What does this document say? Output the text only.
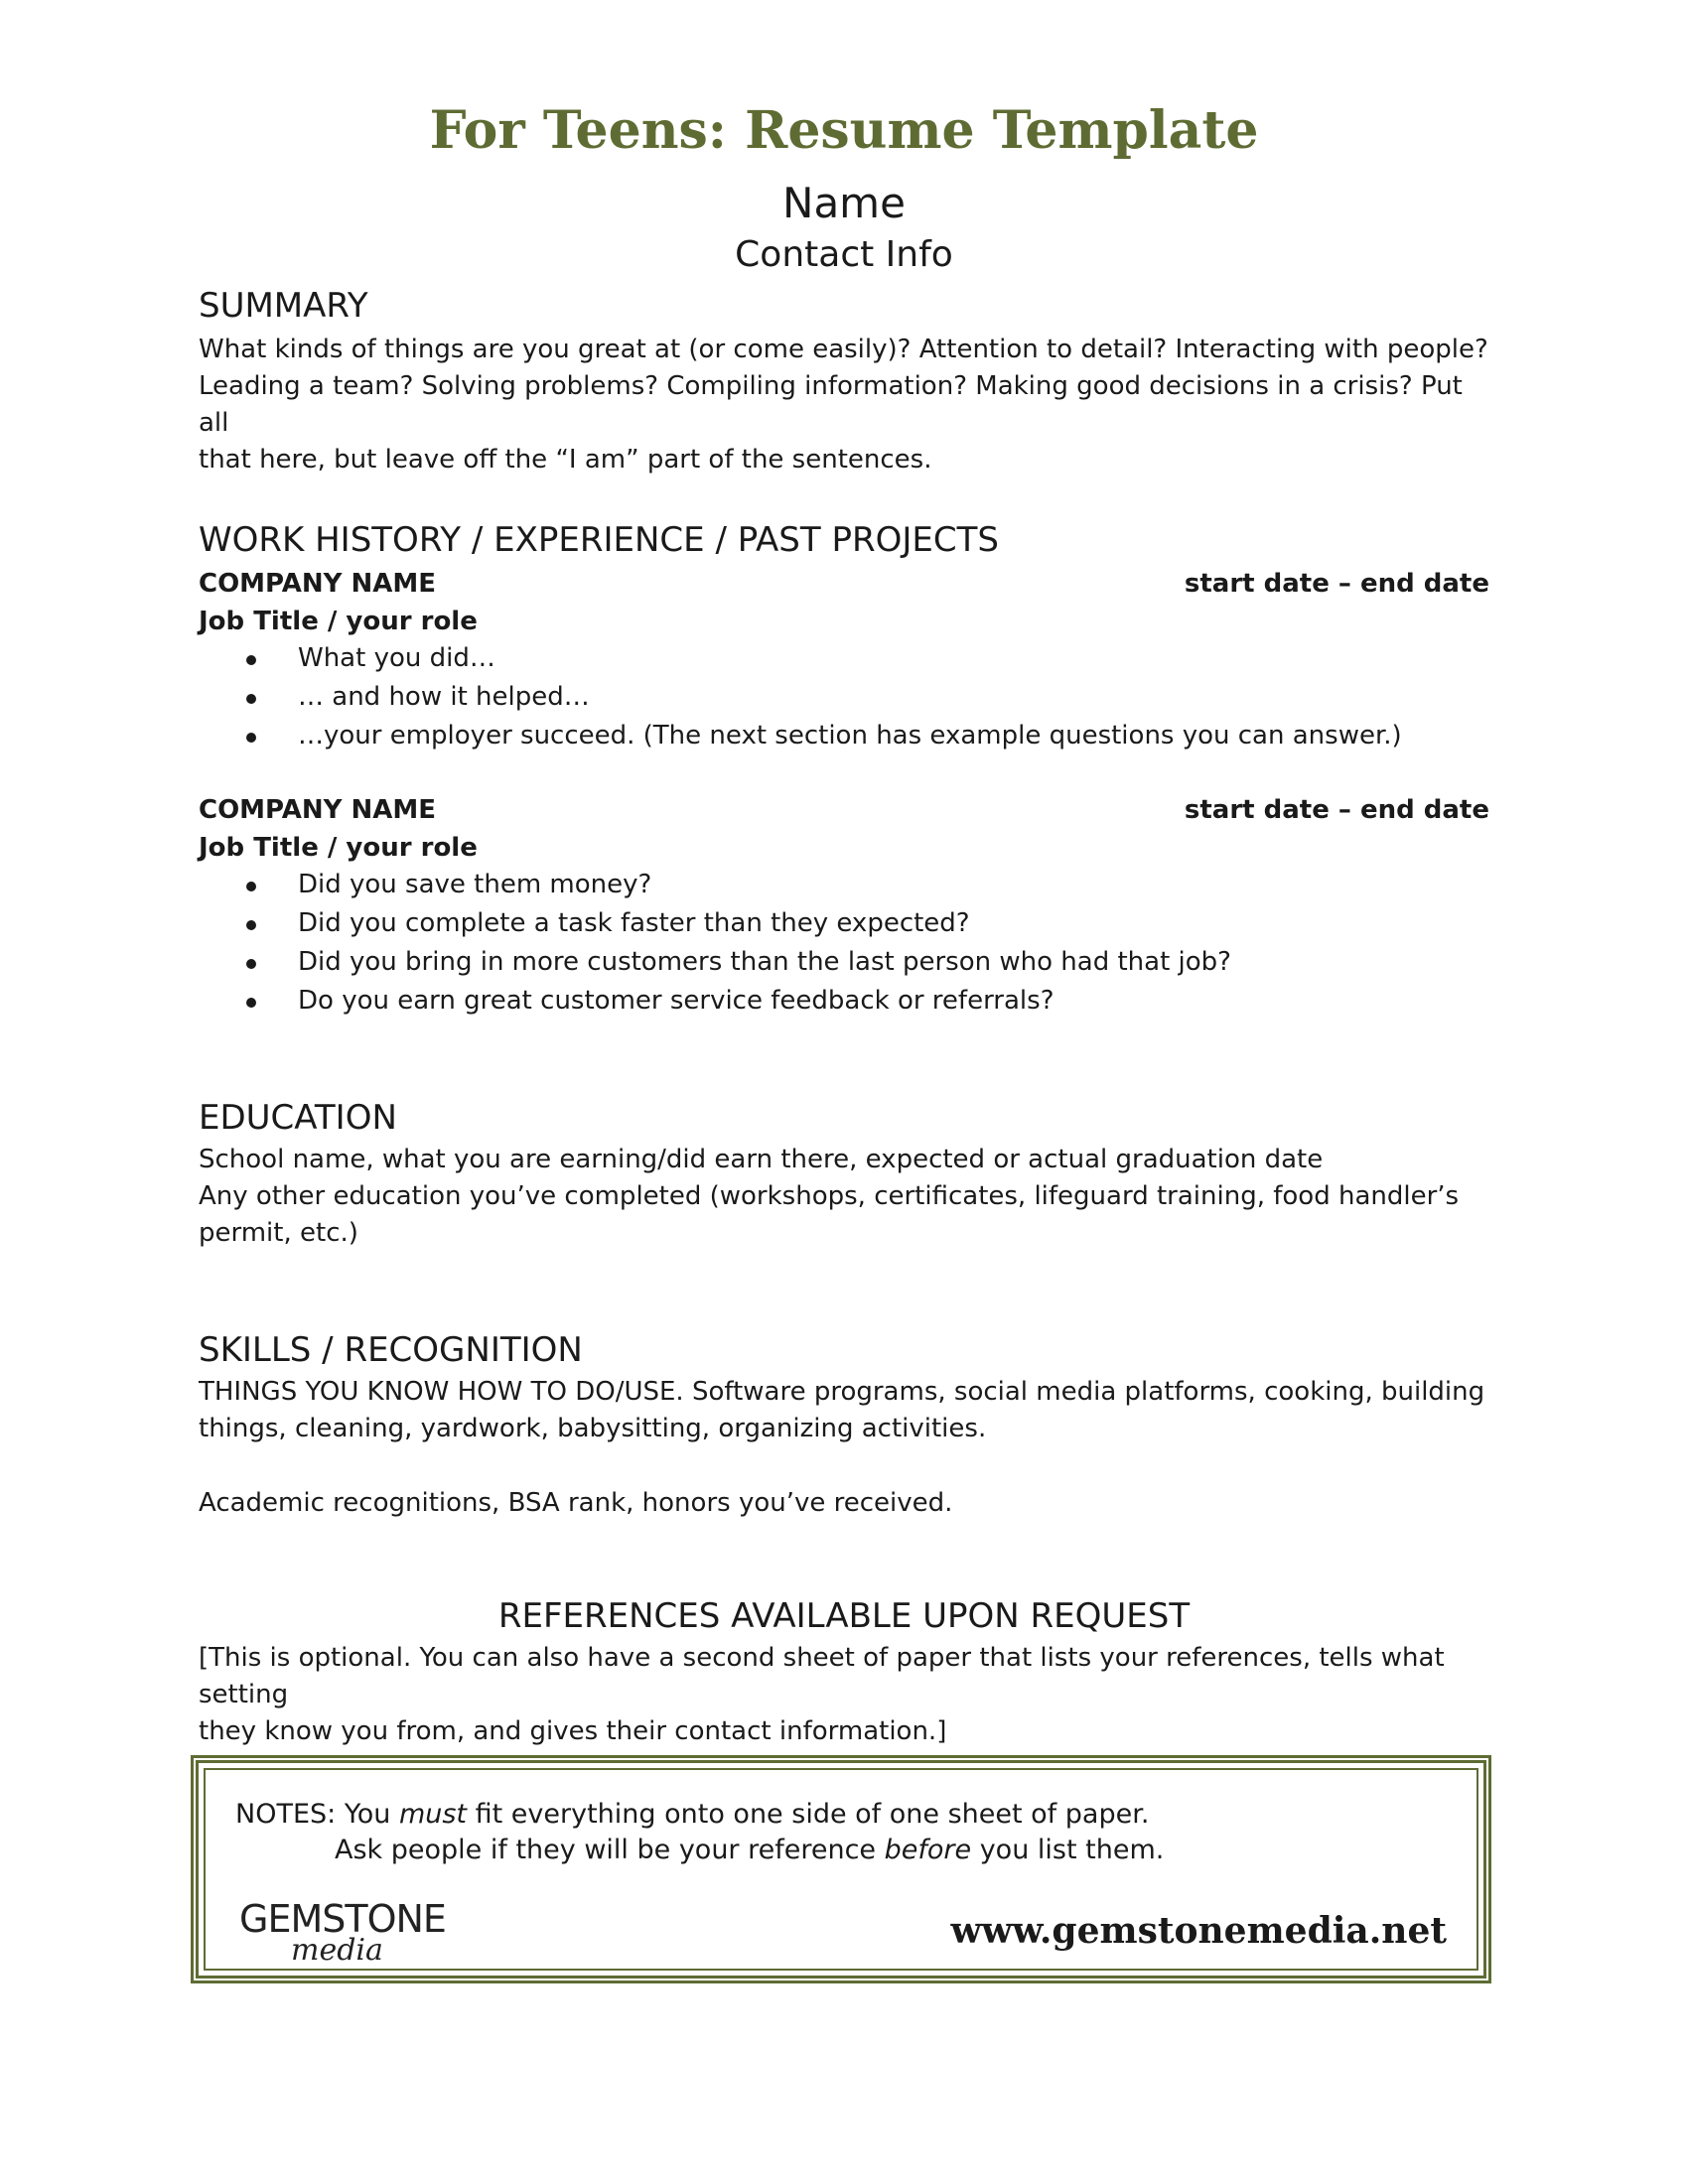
For Teens: Resume Template
Name
Contact Info
SUMMARY
What kinds of things are you great at (or come easily)? Attention to detail? Interacting with people?
Leading a team? Solving problems? Compiling information? Making good decisions in a crisis? Put all
that here, but leave off the “I am” part of the sentences.
WORK HISTORY / EXPERIENCE / PAST PROJECTS
COMPANY NAME	start date – end date
Job Title / your role
What you did…
… and how it helped…
…your employer succeed. (The next section has example questions you can answer.)
COMPANY NAME	start date – end date
Job Title / your role
Did you save them money?
Did you complete a task faster than they expected?
Did you bring in more customers than the last person who had that job?
Do you earn great customer service feedback or referrals?
EDUCATION
School name, what you are earning/did earn there, expected or actual graduation date
Any other education you’ve completed (workshops, certificates, lifeguard training, food handler’s
permit, etc.)
SKILLS / RECOGNITION
THINGS YOU KNOW HOW TO DO/USE. Software programs, social media platforms, cooking, building
things, cleaning, yardwork, babysitting, organizing activities.
Academic recognitions, BSA rank, honors you’ve received.
REFERENCES AVAILABLE UPON REQUEST
[This is optional. You can also have a second sheet of paper that lists your references, tells what setting
they know you from, and gives their contact information.]
NOTES: You must fit everything onto one side of one sheet of paper.
Ask people if they will be your reference before you list them.
GEMSTONE
media	www.gemstonemedia.net
